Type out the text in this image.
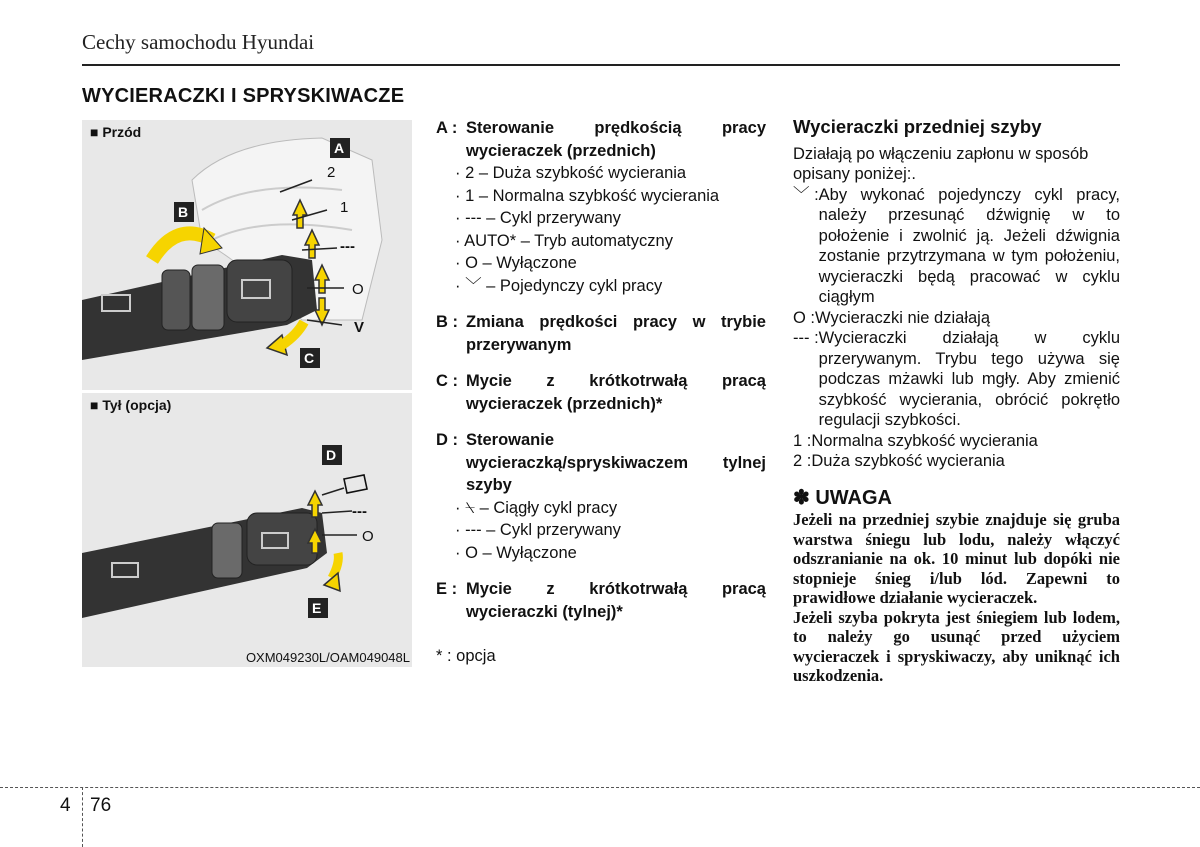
Cechy samochodu Hyundai
WYCIERACZKI I SPRYSKIWACZE
2
1
---
O
V
A
B
C
■ Przód
---
O
D
E
■ Tył (opcja)
OXM049230L/OAM049048L
A : Sterowanie prędkością pracy wycieraczek (przednich)
· 2 – Duża szybkość wycierania
· 1 – Normalna szybkość wycierania
· --- – Cykl przerywany
· AUTO* – Tryb automatyczny
· O – Wyłączone
· ﹀ – Pojedynczy cykl pracy
B : Zmiana prędkości pracy w trybie przerywanym
C : Mycie z krótkotrwałą pracą wycieraczek (przednich)*
D : Sterowanie wycieraczką/spryskiwaczem tylnej szyby
· ⍀ – Ciągły cykl pracy
· --- – Cykl przerywany
· O – Wyłączone
E : Mycie z krótkotrwałą pracą wycieraczki (tylnej)*
* : opcja
Wycieraczki przedniej szyby
Działają po włączeniu zapłonu w sposób opisany poniżej:.
﹀ : Aby wykonać pojedynczy cykl pracy, należy przesunąć dźwignię w to położenie i zwolnić ją. Jeżeli dźwignia zostanie przytrzymana w tym położeniu, wycieraczki będą pracować w cyklu ciągłym
O : Wycieraczki nie działają
--- : Wycieraczki działają w cyklu przerywanym. Trybu tego używa się podczas mżawki lub mgły. Aby zmienić szybkość wycierania, obrócić pokrętło regulacji szybkości.
1 : Normalna szybkość wycierania
2 : Duża szybkość wycierania
✽ UWAGA
Jeżeli na przedniej szybie znajduje się gruba warstwa śniegu lub lodu, należy włączyć odszranianie na ok. 10 minut lub dopóki nie stopnieje śnieg i/lub lód. Zapewni to prawidłowe działanie wycieraczek.
Jeżeli szyba pokryta jest śniegiem lub lodem, to należy go usunąć przed użyciem wycieraczek i spryskiwaczy, aby uniknąć ich uszkodzenia.
4 76
